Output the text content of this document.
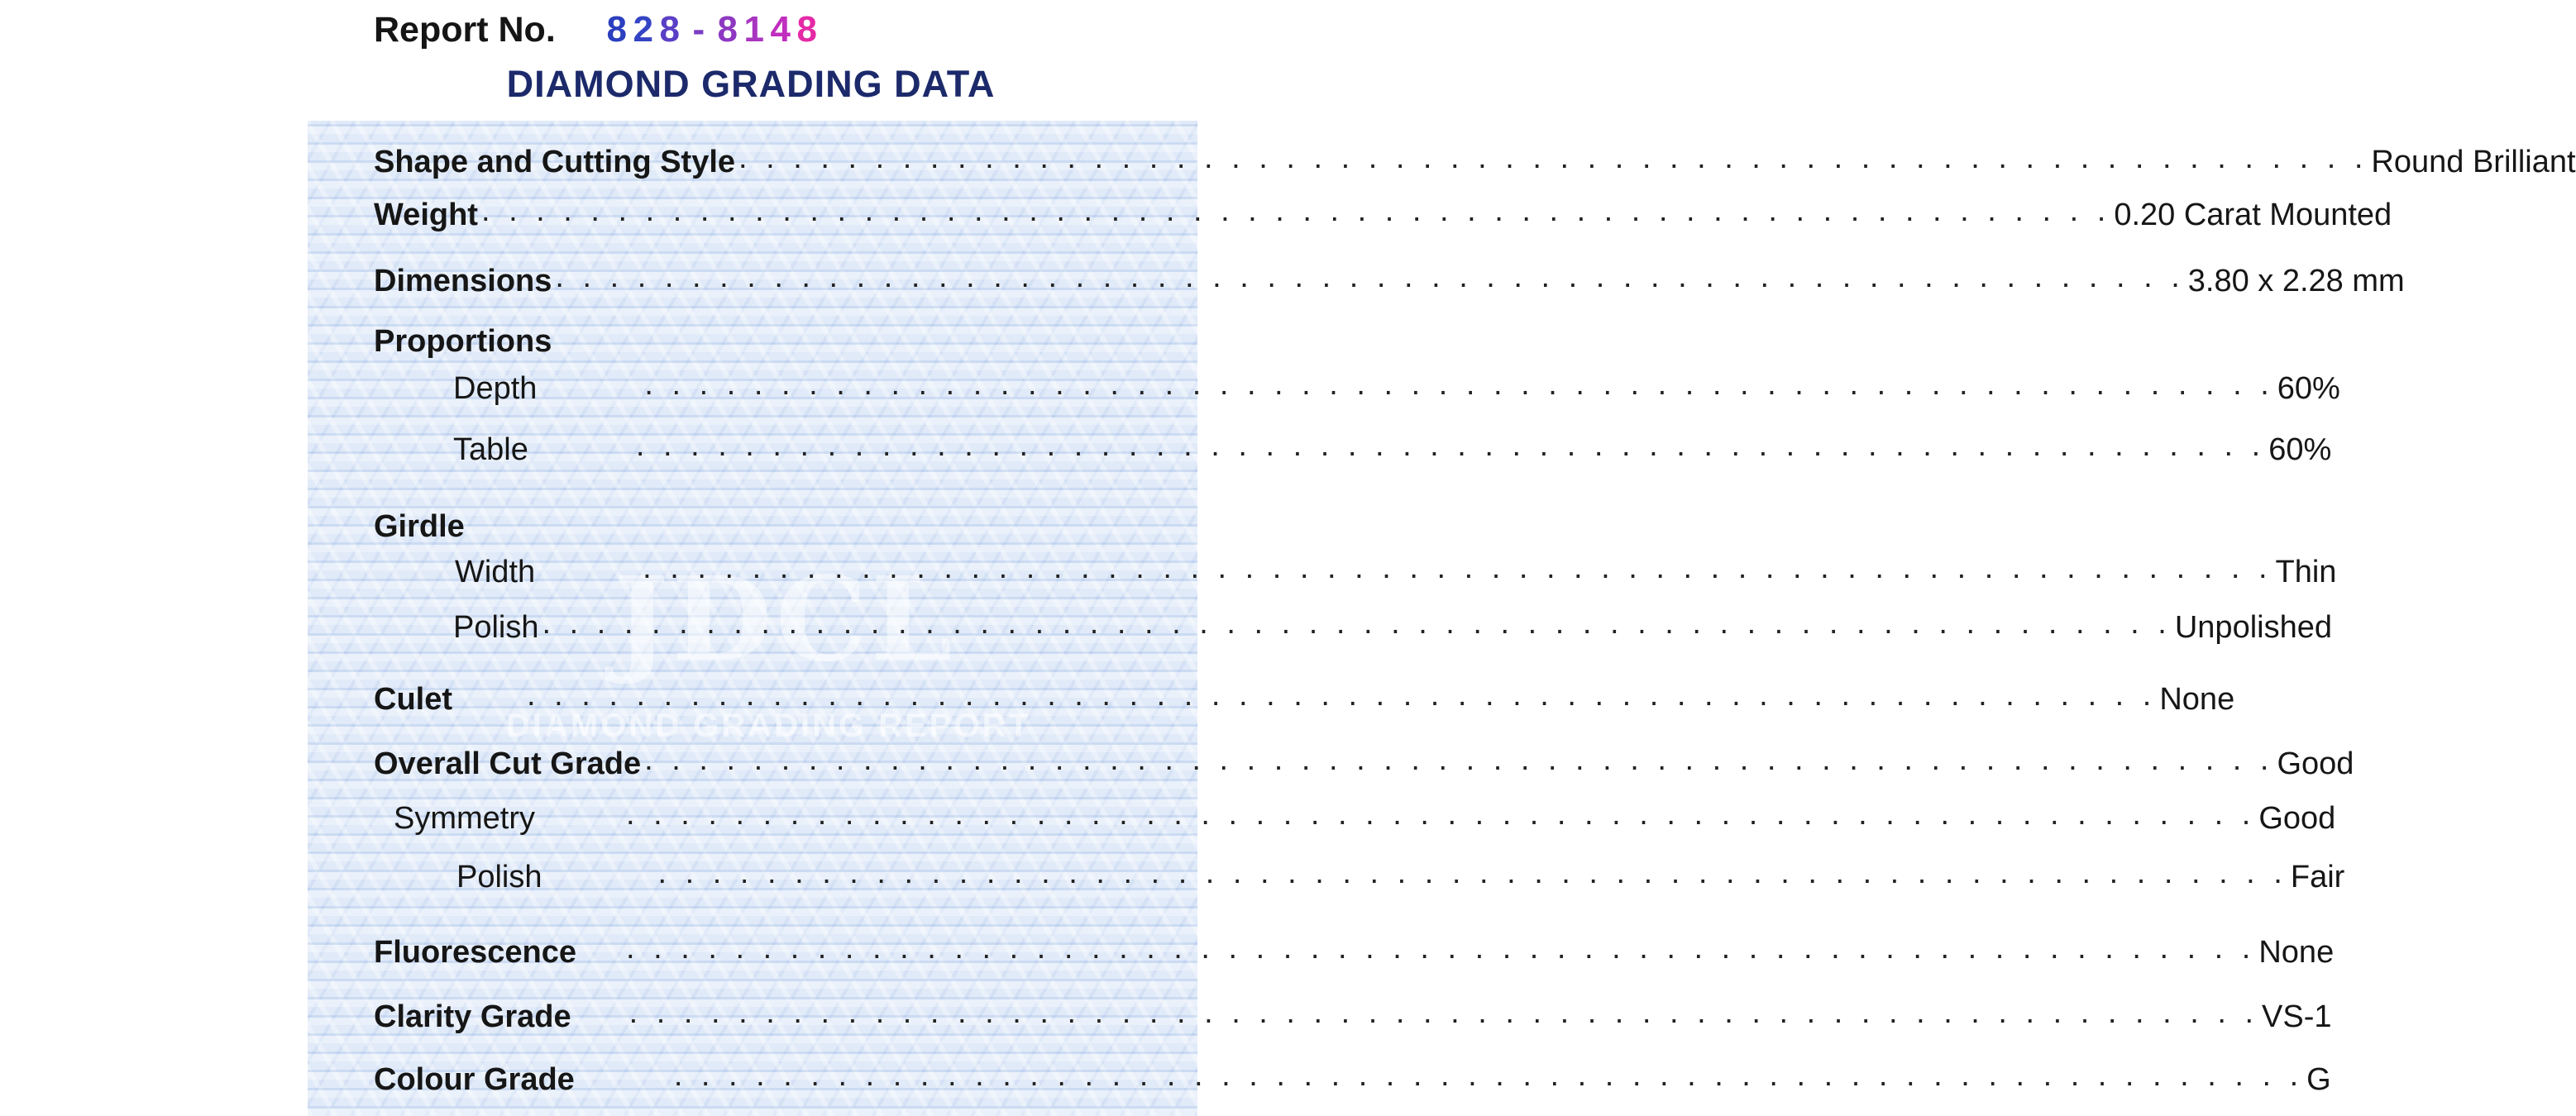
Report No. 8 2 8 - 8 1 4 8
DIAMOND GRADING DATA
JDCL
DIAMOND GRADING REPORT
Shape and Cutting Style . . . . . . . . . . . . . . . . . . . . . . . . . . . . . . . . . . . . . . . . . . . . . . . . . . . . . . . . . . . . Round Brilliant
Weight . . . . . . . . . . . . . . . . . . . . . . . . . . . . . . . . . . . . . . . . . . . . . . . . . . . . . . . . . . . . 0.20 Carat Mounted
Dimensions . . . . . . . . . . . . . . . . . . . . . . . . . . . . . . . . . . . . . . . . . . . . . . . . . . . . . . . . . . . . 3.80 x 2.28 mm
Proportions
Depth	. . . . . . . . . . . . . . . . . . . . . . . . . . . . . . . . . . . . . . . . . . . . . . . . . . . . . . . . . . . . 60%
Table	. . . . . . . . . . . . . . . . . . . . . . . . . . . . . . . . . . . . . . . . . . . . . . . . . . . . . . . . . . . . 60%
Girdle
Width	. . . . . . . . . . . . . . . . . . . . . . . . . . . . . . . . . . . . . . . . . . . . . . . . . . . . . . . . . . . . Thin
Polish . . . . . . . . . . . . . . . . . . . . . . . . . . . . . . . . . . . . . . . . . . . . . . . . . . . . . . . . . . . . Unpolished
Culet . . . . . . . . . . . . . . . . . . . . . . . . . . . . . . . . . . . . . . . . . . . . . . . . . . . . . . . . . . . . None
Overall Cut Grade . . . . . . . . . . . . . . . . . . . . . . . . . . . . . . . . . . . . . . . . . . . . . . . . . . . . . . . . . . . . Good
Symmetry	. . . . . . . . . . . . . . . . . . . . . . . . . . . . . . . . . . . . . . . . . . . . . . . . . . . . . . . . . . . . Good
Polish	. . . . . . . . . . . . . . . . . . . . . . . . . . . . . . . . . . . . . . . . . . . . . . . . . . . . . . . . . . . . Fair
Fluorescence . . . . . . . . . . . . . . . . . . . . . . . . . . . . . . . . . . . . . . . . . . . . . . . . . . . . . . . . . . . . None
Clarity Grade . . . . . . . . . . . . . . . . . . . . . . . . . . . . . . . . . . . . . . . . . . . . . . . . . . . . . . . . . . . . VS-1
Colour Grade	. . . . . . . . . . . . . . . . . . . . . . . . . . . . . . . . . . . . . . . . . . . . . . . . . . . . . . . . . . . . G
